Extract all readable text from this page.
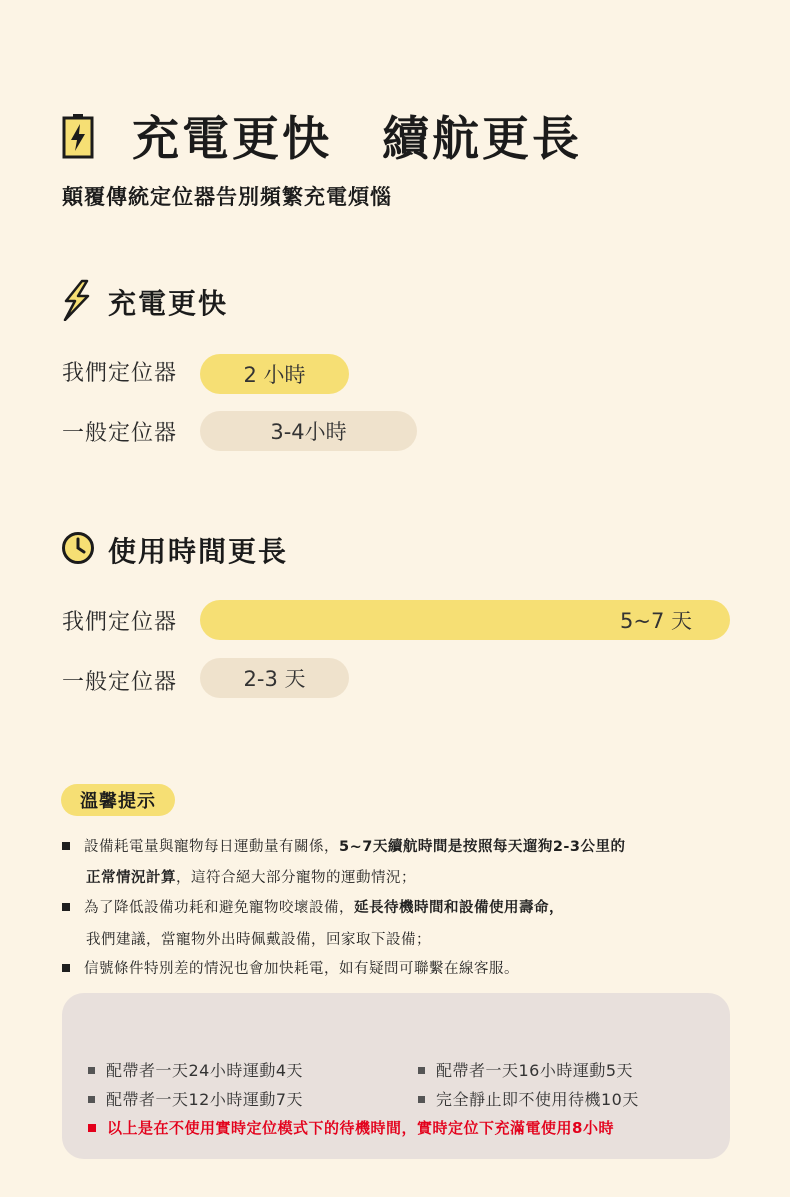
充電更快　續航更長
顛覆傳統定位器告別頻繁充電煩惱
充電更快
我們定位器	2 小時
一般定位器	3-4小時
使用時間更長
我們定位器	5~7 天
一般定位器	2-3 天
溫馨提示
設備耗電量與寵物每日運動量有關係，5~7天續航時間是按照每天遛狗2-3公里的
正常情況計算，這符合絕大部分寵物的運動情況；
為了降低設備功耗和避免寵物咬壞設備，延長待機時間和設備使用壽命，
我們建議，當寵物外出時佩戴設備，回家取下設備；
信號條件特別差的情況也會加快耗電，如有疑問可聯繫在線客服。
配帶者一天24小時運動4天	配帶者一天16小時運動5天
配帶者一天12小時運動7天	完全靜止即不使用待機10天
以上是在不使用實時定位模式下的待機時間，實時定位下充滿電使用8小時
